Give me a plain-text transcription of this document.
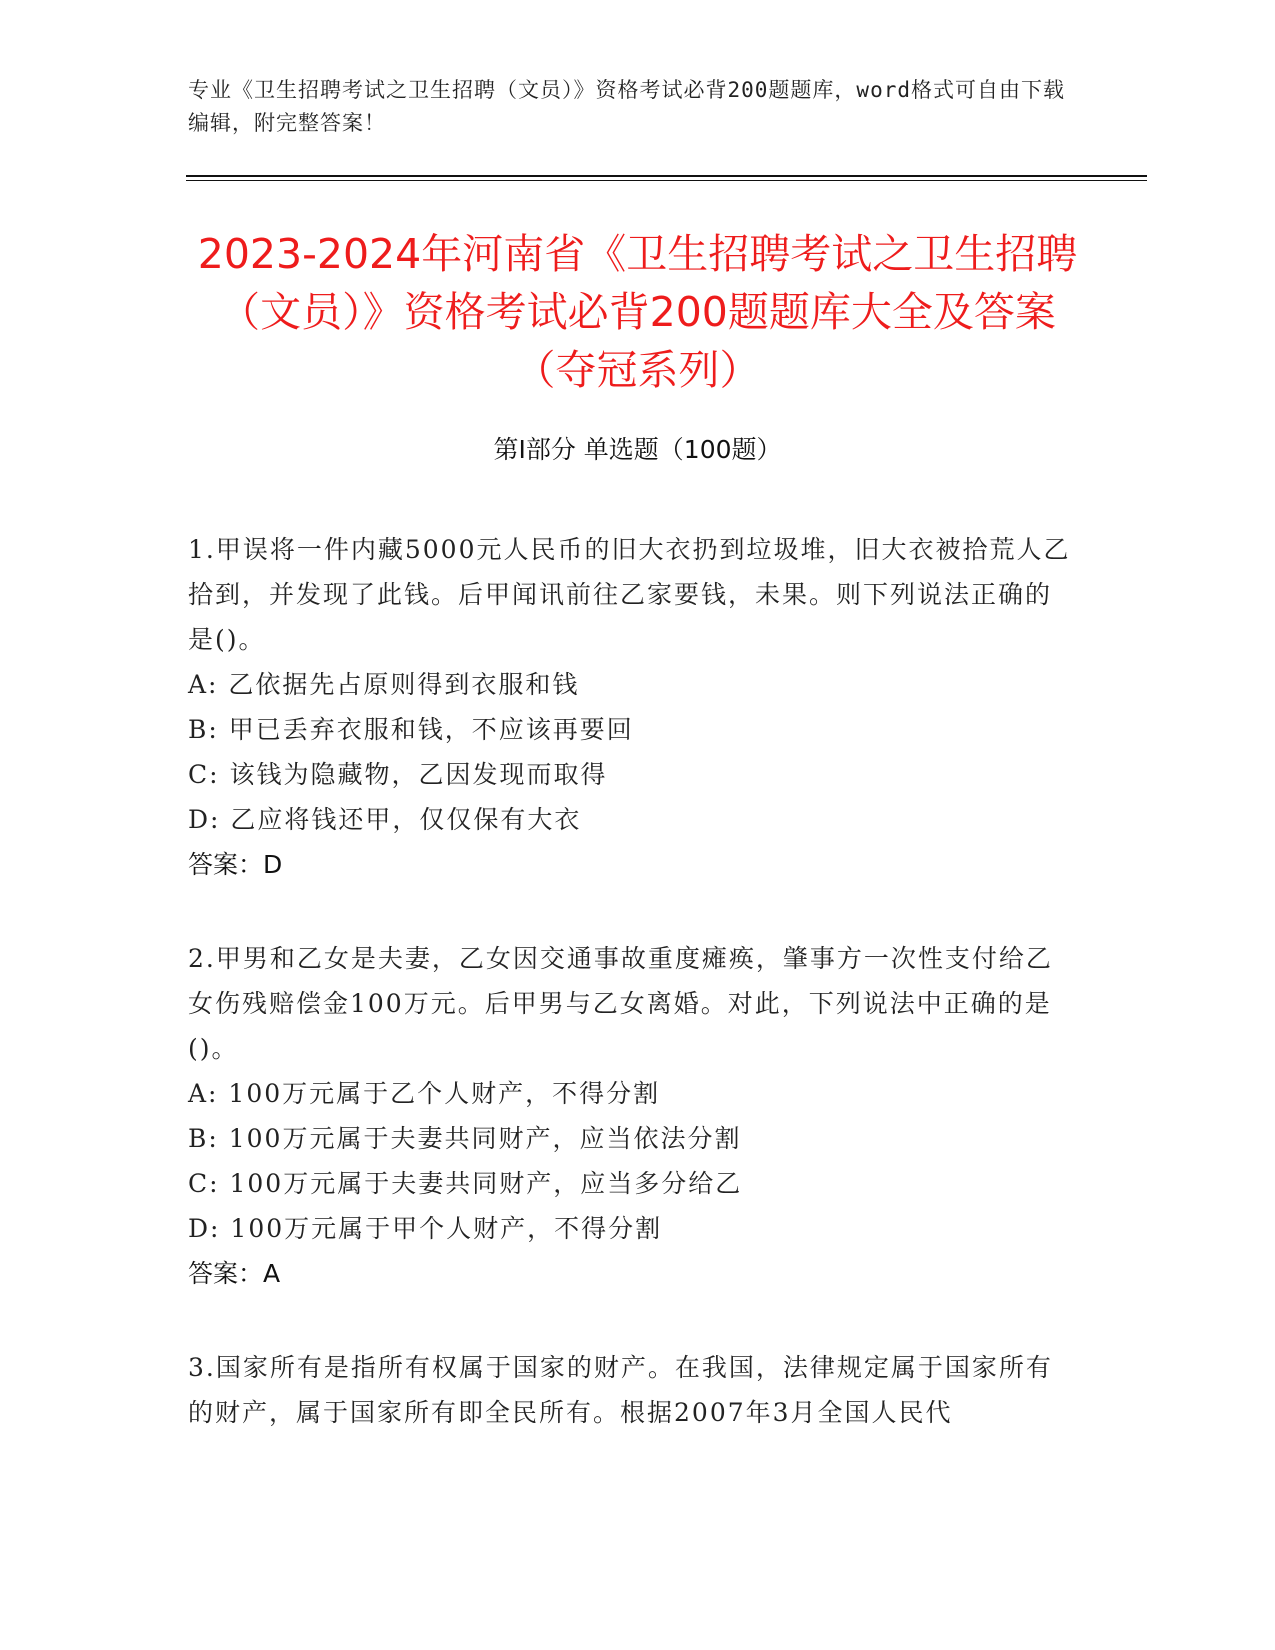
专业《卫生招聘考试之卫生招聘（文员）》资格考试必背200题题库，word格式可自由下载编辑，附完整答案！
2023-2024年河南省《卫生招聘考试之卫生招聘（文员）》资格考试必背200题题库大全及答案（夺冠系列）
第Ⅰ部分 单选题（100题）
1.甲误将一件内藏5000元人民币的旧大衣扔到垃圾堆，旧大衣被拾荒人乙拾到，并发现了此钱。后甲闻讯前往乙家要钱，未果。则下列说法正确的是()。
A: 乙依据先占原则得到衣服和钱
B: 甲已丢弃衣服和钱，不应该再要回
C: 该钱为隐藏物，乙因发现而取得
D: 乙应将钱还甲，仅仅保有大衣
答案：D
2.甲男和乙女是夫妻，乙女因交通事故重度瘫痪，肇事方一次性支付给乙女伤残赔偿金100万元。后甲男与乙女离婚。对此，下列说法中正确的是()。
A: 100万元属于乙个人财产，不得分割
B: 100万元属于夫妻共同财产，应当依法分割
C: 100万元属于夫妻共同财产，应当多分给乙
D: 100万元属于甲个人财产，不得分割
答案：A
3.国家所有是指所有权属于国家的财产。在我国，法律规定属于国家所有的财产，属于国家所有即全民所有。根据2007年3月全国人民代
